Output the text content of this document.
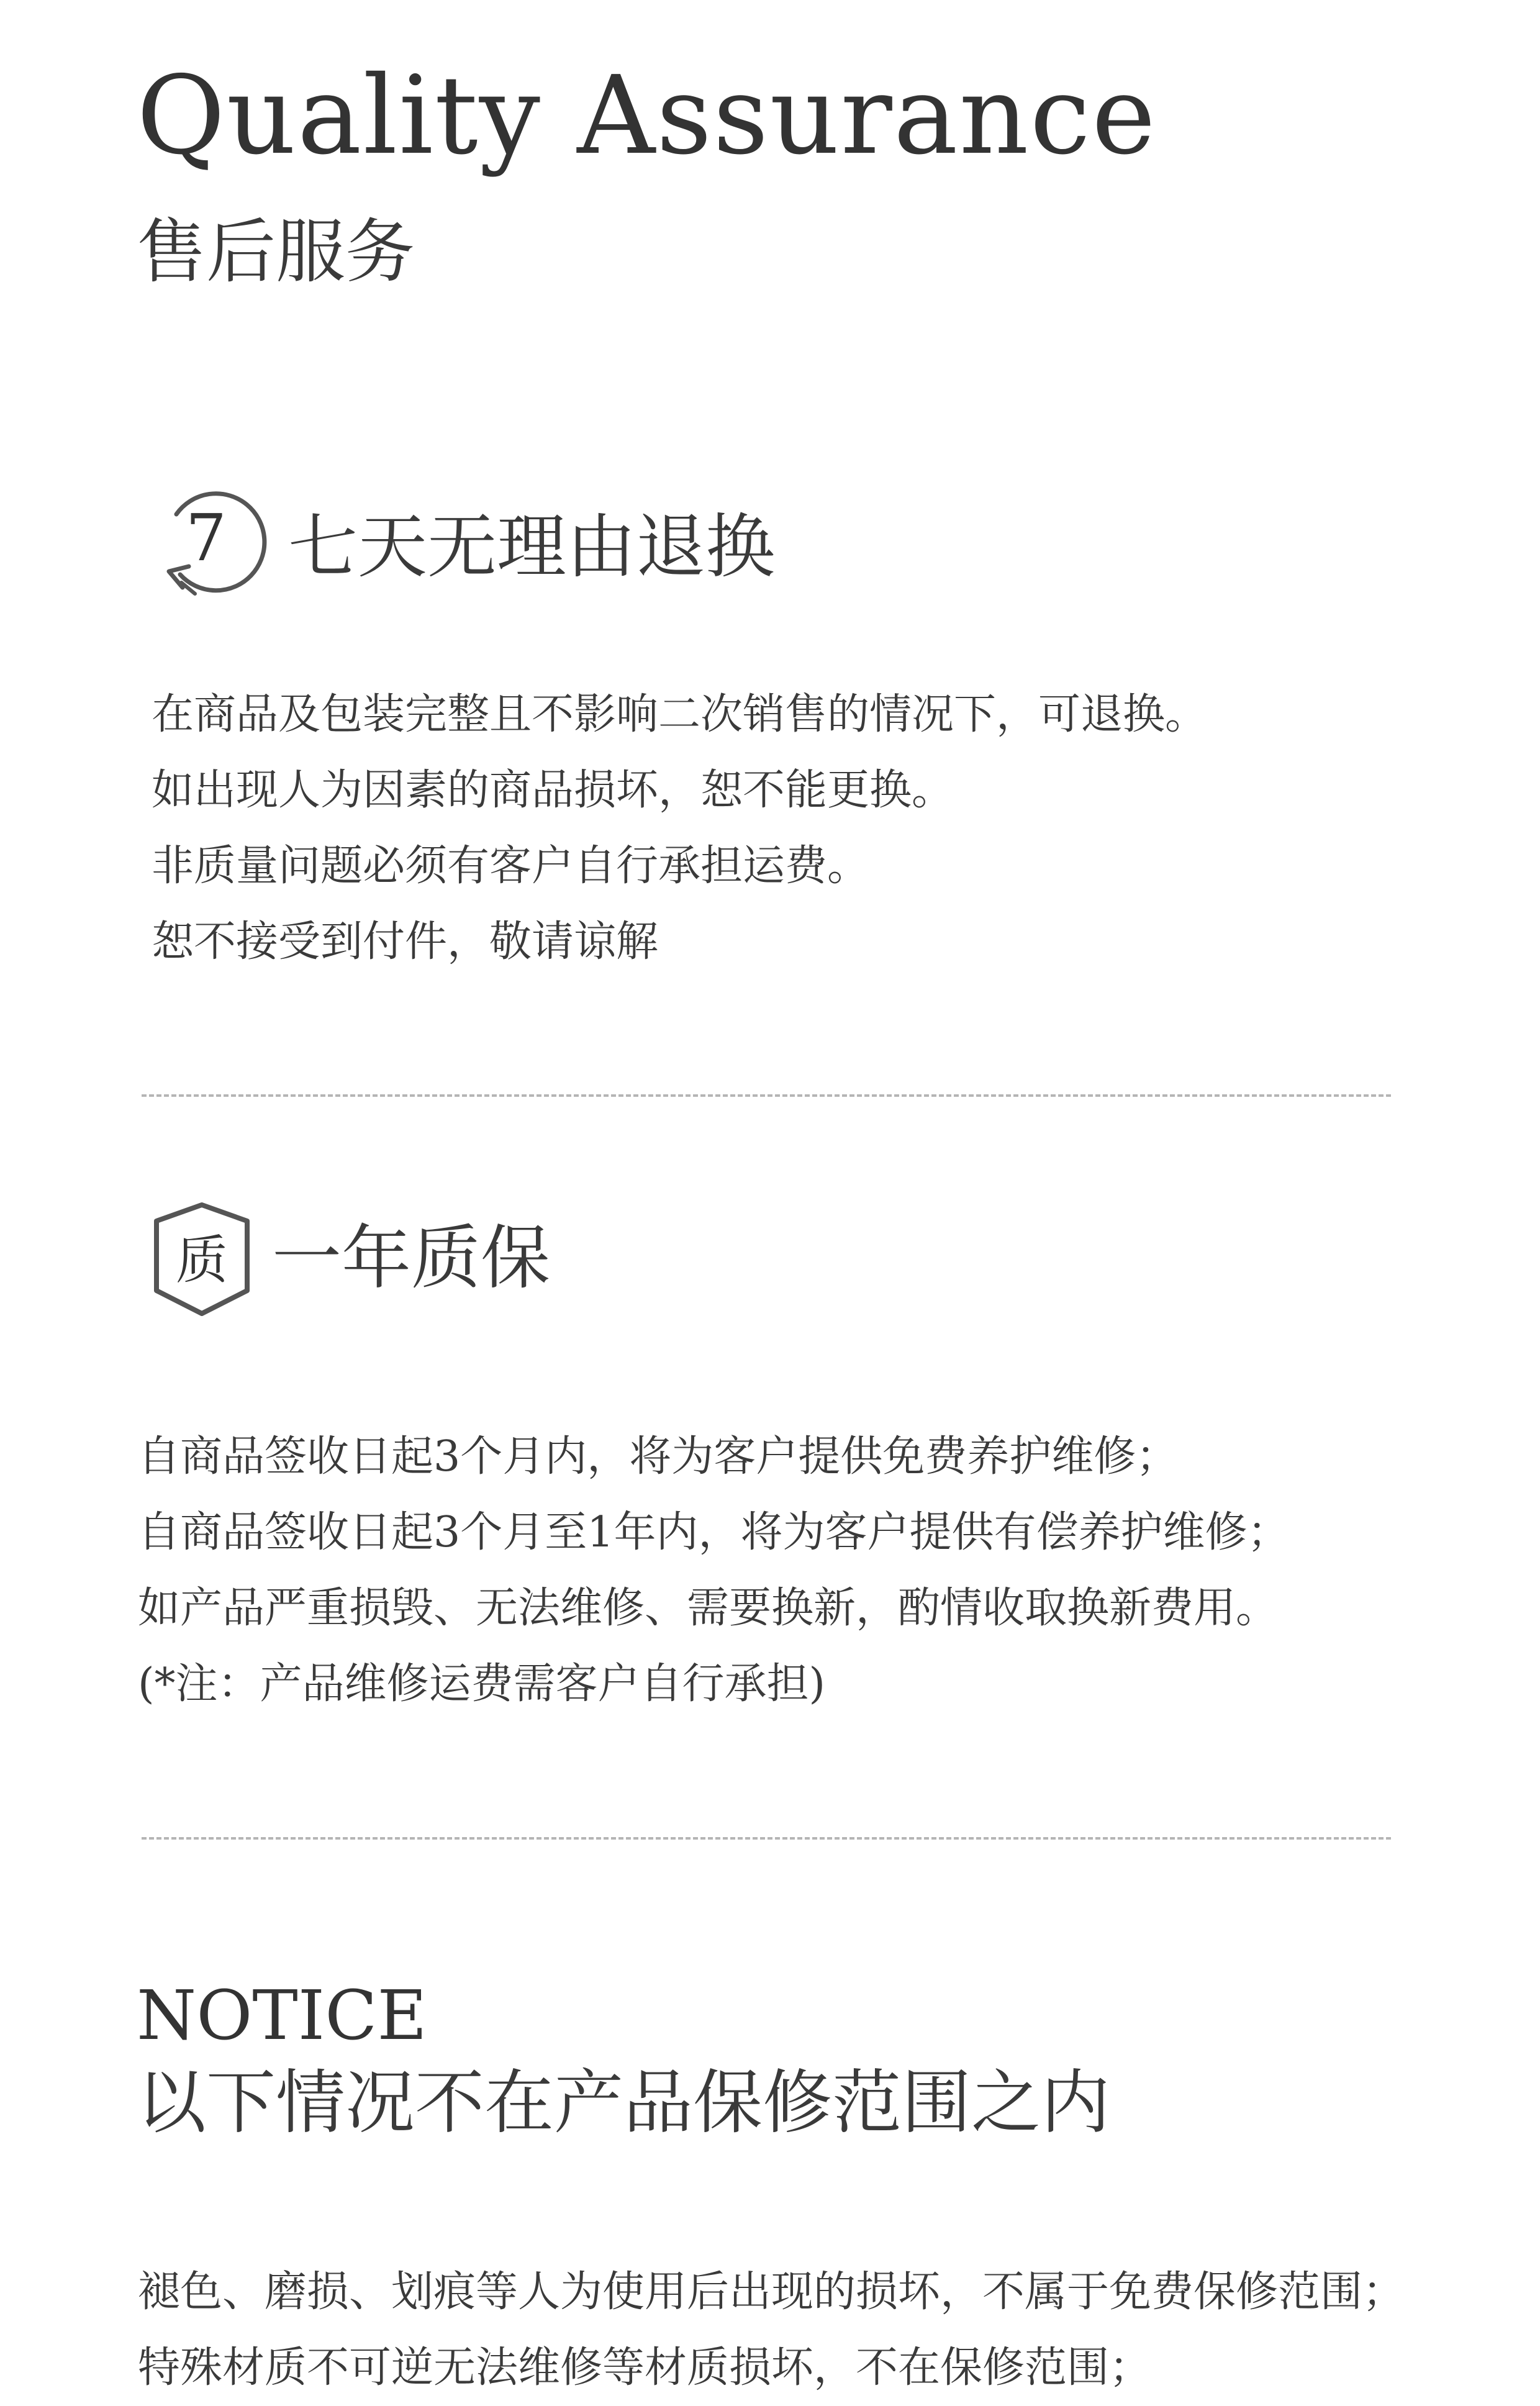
Quality Assurance
售后服务
7 七天无理由退换
在商品及包装完整且不影响二次销售的情况下，可退换。
如出现人为因素的商品损坏，恕不能更换。
非质量问题必须有客户自行承担运费。
恕不接受到付件，敬请谅解
质 一年质保
自商品签收日起3个月内，将为客户提供免费养护维修；
自商品签收日起3个月至1年内，将为客户提供有偿养护维修；
如产品严重损毁、无法维修、需要换新，酌情收取换新费用。
(*注：产品维修运费需客户自行承担)
NOTICE
以下情况不在产品保修范围之内
褪色、磨损、划痕等人为使用后出现的损坏，不属于免费保修范围；
特殊材质不可逆无法维修等材质损坏，不在保修范围；
